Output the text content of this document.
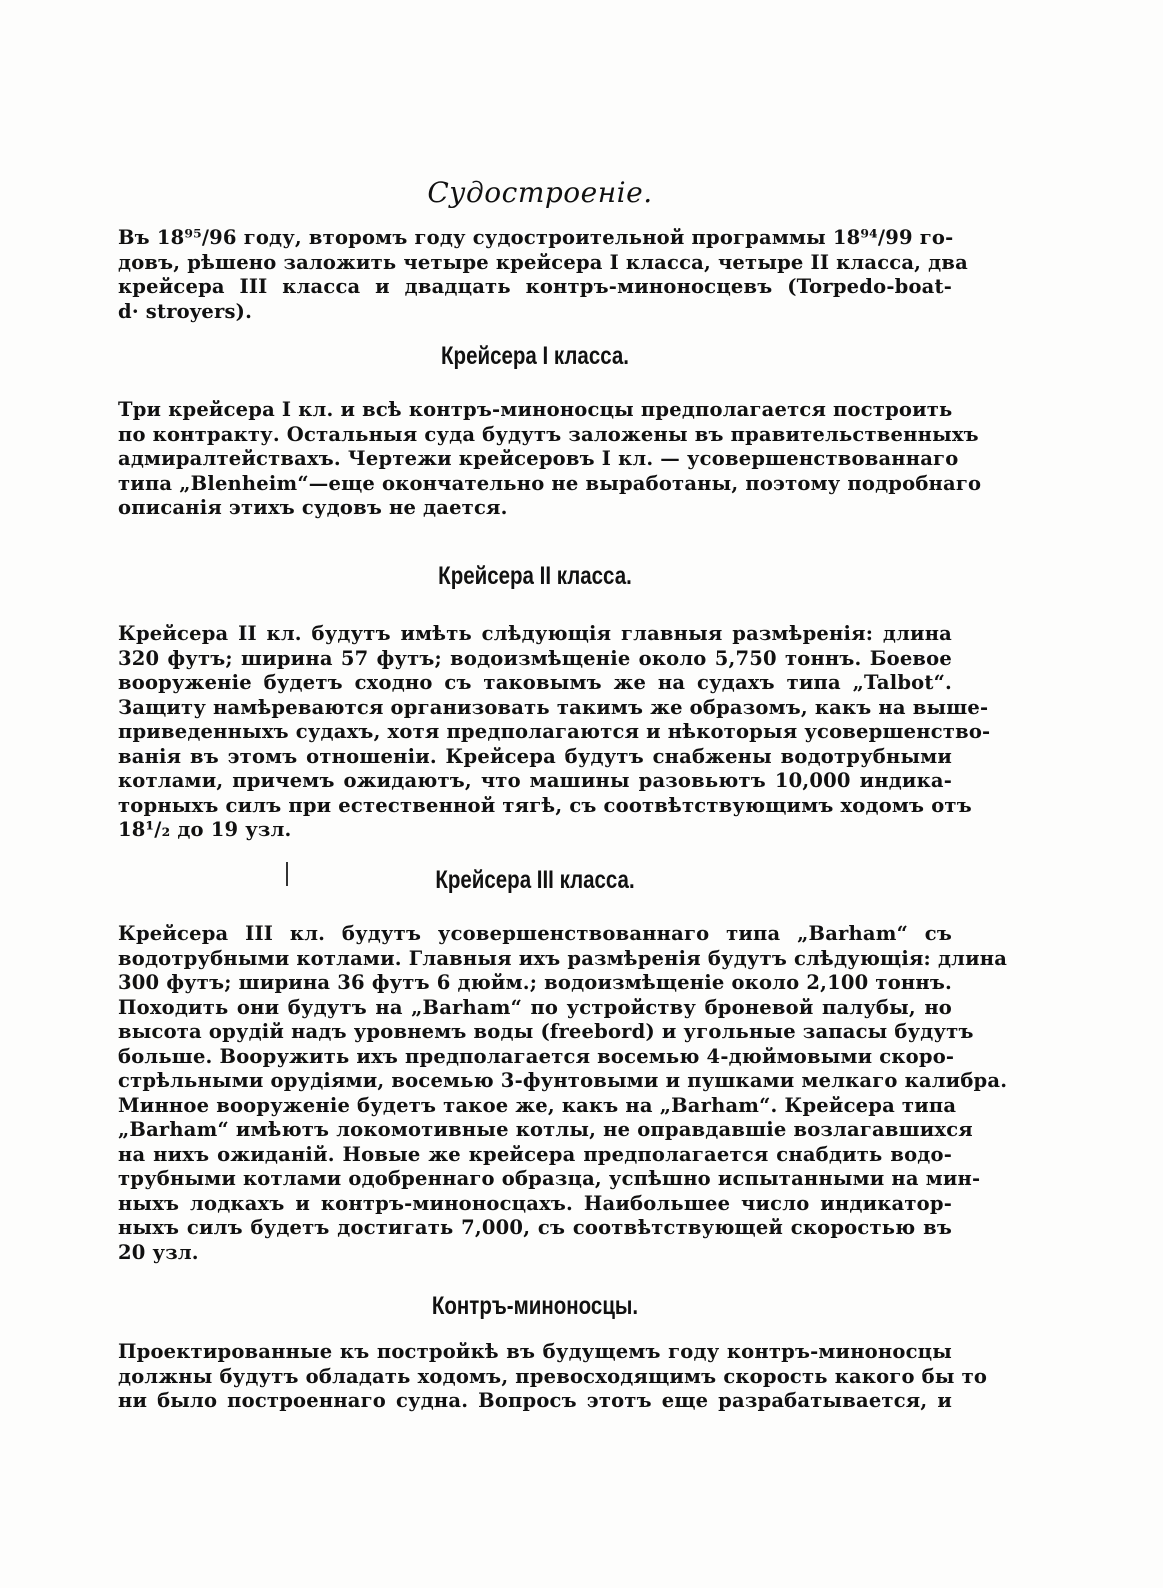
Судостроеніе.
Въ 18⁹⁵/96 году, второмъ году судостроительной программы 18⁹⁴/99 го-
довъ, рѣшено заложить четыре крейсера I класса, четыре II класса, два
крейсера III класса и двадцать контръ-миноносцевъ (Torpedo-boat-
d· stroyers).
Крейсера I класса.
Три крейсера I кл. и всѣ контръ-миноносцы предполагается построить
по контракту. Остальныя суда будутъ заложены въ правительственныхъ
адмиралтействахъ. Чертежи крейсеровъ I кл. — усовершенствованнаго
типа „Blenheim“—еще окончательно не выработаны, поэтому подробнаго
описанія этихъ судовъ не дается.
Крейсера II класса.
Крейсера II кл. будутъ имѣть слѣдующія главныя размѣренія: длина
320 футъ; ширина 57 футъ; водоизмѣщеніе около 5,750 тоннъ. Боевое
вооруженіе будетъ сходно съ таковымъ же на судахъ типа „Talbot“.
Защиту намѣреваются организовать такимъ же образомъ, какъ на выше-
приведенныхъ судахъ, хотя предполагаются и нѣкоторыя усовершенство-
ванія въ этомъ отношеніи. Крейсера будутъ снабжены водотрубными
котлами, причемъ ожидаютъ, что машины разовьютъ 10,000 индика-
торныхъ силъ при естественной тягѣ, съ соотвѣтствующимъ ходомъ отъ
18¹/₂ до 19 узл.
Крейсера III класса.
Крейсера III кл. будутъ усовершенствованнаго типа „Barham“ съ
водотрубными котлами. Главныя ихъ размѣренія будутъ слѣдующія: длина
300 футъ; ширина 36 футъ 6 дюйм.; водоизмѣщеніе около 2,100 тоннъ.
Походить они будутъ на „Barham“ по устройству броневой палубы, но
высота орудій надъ уровнемъ воды (freebord) и угольные запасы будутъ
больше. Вооружить ихъ предполагается восемью 4-дюймовыми скоро-
стрѣльными орудіями, восемью 3-фунтовыми и пушками мелкаго калибра.
Минное вооруженіе будетъ такое же, какъ на „Barham“. Крейсера типа
„Barham“ имѣютъ локомотивные котлы, не оправдавшіе возлагавшихся
на нихъ ожиданій. Новые же крейсера предполагается снабдить водо-
трубными котлами одобреннаго образца, успѣшно испытанными на мин-
ныхъ лодкахъ и контръ-миноносцахъ. Наибольшее число индикатор-
ныхъ силъ будетъ достигать 7,000, съ соотвѣтствующей скоростью въ
20 узл.
Контръ-миноносцы.
Проектированные къ постройкѣ въ будущемъ году контръ-миноносцы
должны будутъ обладать ходомъ, превосходящимъ скорость какого бы то
ни было построеннаго судна. Вопросъ этотъ еще разрабатывается, и
